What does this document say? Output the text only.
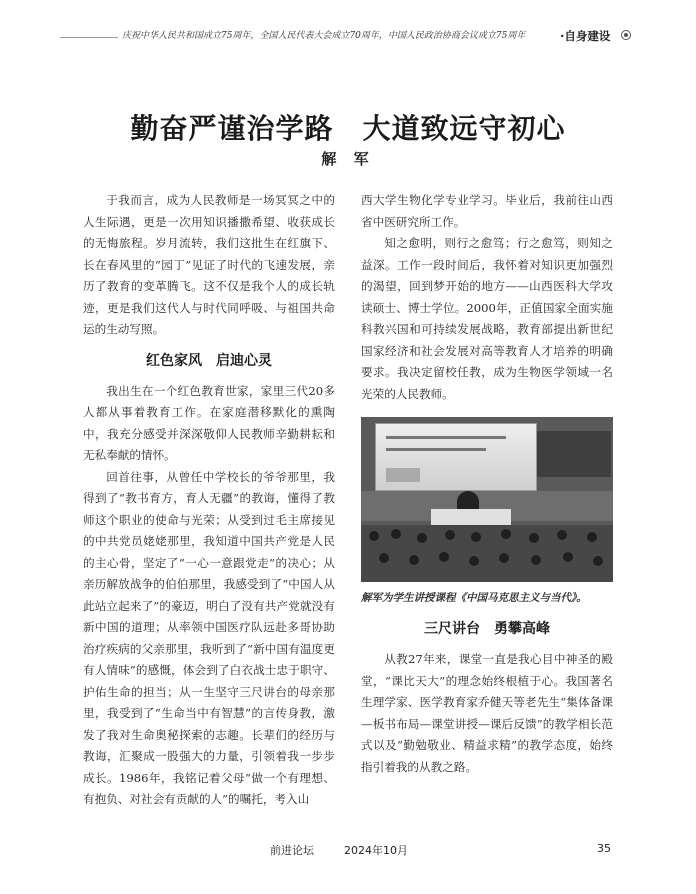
庆祝中华人民共和国成立75周年，全国人民代表大会成立70周年，中国人民政治协商会议成立75周年	·自身建设
勤奋严谨治学路　大道致远守初心
解 军

于我而言，成为人民教师是一场冥冥之中的人生际遇，更是一次用知识播撒希望、收获成长的无悔旅程。岁月流转，我们这批生在红旗下、长在春风里的“园丁”见证了时代的飞速发展，亲历了教育的变革腾飞。这不仅是我个人的成长轨迹，更是我们这代人与时代同呼吸、与祖国共命运的生动写照。

红色家风　启迪心灵

我出生在一个红色教育世家，家里三代20多人都从事着教育工作。在家庭潜移默化的熏陶中，我充分感受并深深敬仰人民教师辛勤耕耘和无私奉献的情怀。

回首往事，从曾任中学校长的爷爷那里，我得到了“教书育方，育人无疆”的教诲，懂得了教师这个职业的使命与光荣；从受到过毛主席接见的中共党员姥姥那里，我知道中国共产党是人民的主心骨，坚定了“一心一意跟党走”的决心；从亲历解放战争的伯伯那里，我感受到了“中国人从此站立起来了”的豪迈，明白了没有共产党就没有新中国的道理；从率领中国医疗队远赴多哥协助治疗疾病的父亲那里，我听到了“新中国有温度更有人情味”的感慨，体会到了白衣战士忠于职守、护佑生命的担当；从一生坚守三尺讲台的母亲那里，我受到了“生命当中有智慧”的言传身教，激发了我对生命奥秘探索的志趣。长辈们的经历与教诲，汇聚成一股强大的力量，引领着我一步步成长。1986年，我铭记着父母“做一个有理想、有抱负、对社会有贡献的人”的嘱托，考入山

西大学生物化学专业学习。毕业后，我前往山西省中医研究所工作。

知之愈明，则行之愈笃；行之愈笃，则知之益深。工作一段时间后，我怀着对知识更加强烈的渴望，回到梦开始的地方——山西医科大学攻读硕士、博士学位。2000年，正值国家全面实施科教兴国和可持续发展战略，教育部提出新世纪国家经济和社会发展对高等教育人才培养的明确要求。我决定留校任教，成为生物医学领域一名光荣的人民教师。

解军为学生讲授课程《中国马克思主义与当代》。
三尺讲台　勇攀高峰

从教27年来，课堂一直是我心目中神圣的殿堂，“课比天大”的理念始终根植于心。我国著名生理学家、医学教育家乔健天等老先生“集体备课—板书布局—课堂讲授—课后反馈”的教学相长范式以及“勤勉敬业、精益求精”的教学态度，始终指引着我的从教之路。

前进论坛	2024年10月	35
